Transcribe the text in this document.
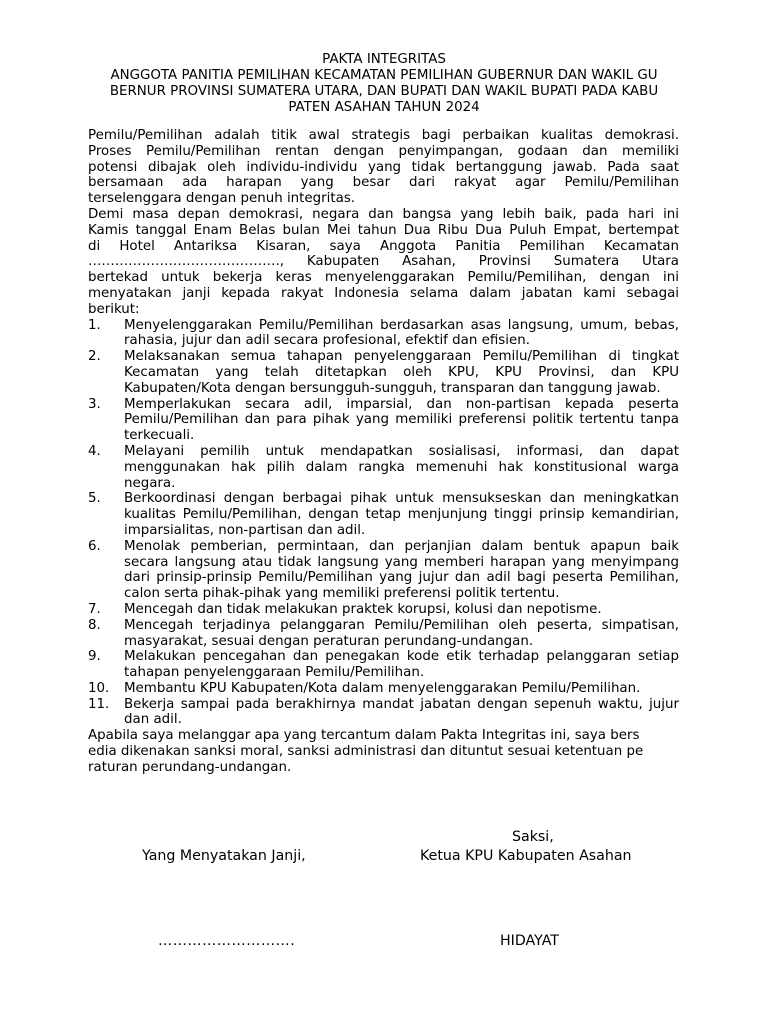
PAKTA INTEGRITAS
ANGGOTA PANITIA PEMILIHAN KECAMATAN PEMILIHAN GUBERNUR DAN WAKIL GU
BERNUR PROVINSI SUMATERA UTARA, DAN BUPATI DAN WAKIL BUPATI PADA KABU
PATEN ASAHAN TAHUN 2024
Pemilu/Pemilihan adalah titik awal strategis bagi perbaikan kualitas demokrasi.
Proses Pemilu/Pemilihan rentan dengan penyimpangan, godaan dan memiliki
potensi dibajak oleh individu-individu yang tidak bertanggung jawab. Pada saat
bersamaan ada harapan yang besar dari rakyat agar Pemilu/Pemilihan
terselenggara dengan penuh integritas.
Demi masa depan demokrasi, negara dan bangsa yang lebih baik, pada hari ini
Kamis tanggal Enam Belas bulan Mei tahun Dua Ribu Dua Puluh Empat, bertempat
di Hotel Antariksa Kisaran, saya Anggota Panitia Pemilihan Kecamatan
……………………………………., Kabupaten Asahan, Provinsi Sumatera Utara
bertekad untuk bekerja keras menyelenggarakan Pemilu/Pemilihan, dengan ini
menyatakan janji kepada rakyat Indonesia selama dalam jabatan kami sebagai
berikut:
1. Menyelenggarakan Pemilu/Pemilihan berdasarkan asas langsung, umum, bebas, rahasia, jujur dan adil secara profesional, efektif dan efisien.
2. Melaksanakan semua tahapan penyelenggaraan Pemilu/Pemilihan di tingkat Kecamatan yang telah ditetapkan oleh KPU, KPU Provinsi, dan KPU Kabupaten/Kota dengan bersungguh-sungguh, transparan dan tanggung jawab.
3. Memperlakukan secara adil, imparsial, dan non-partisan kepada peserta Pemilu/Pemilihan dan para pihak yang memiliki preferensi politik tertentu tanpa terkecuali.
4. Melayani pemilih untuk mendapatkan sosialisasi, informasi, dan dapat menggunakan hak pilih dalam rangka memenuhi hak konstitusional warga negara.
5. Berkoordinasi dengan berbagai pihak untuk mensukseskan dan meningkatkan kualitas Pemilu/Pemilihan, dengan tetap menjunjung tinggi prinsip kemandirian, imparsialitas, non-partisan dan adil.
6. Menolak pemberian, permintaan, dan perjanjian dalam bentuk apapun baik secara langsung atau tidak langsung yang memberi harapan yang menyimpang dari prinsip-prinsip Pemilu/Pemilihan yang jujur dan adil bagi peserta Pemilihan, calon serta pihak-pihak yang memiliki preferensi politik tertentu.
7. Mencegah dan tidak melakukan praktek korupsi, kolusi dan nepotisme.
8. Mencegah terjadinya pelanggaran Pemilu/Pemilihan oleh peserta, simpatisan, masyarakat, sesuai dengan peraturan perundang-undangan.
9. Melakukan pencegahan dan penegakan kode etik terhadap pelanggaran setiap tahapan penyelenggaraan Pemilu/Pemilihan.
10. Membantu KPU Kabupaten/Kota dalam menyelenggarakan Pemilu/Pemilihan.
11. Bekerja sampai pada berakhirnya mandat jabatan dengan sepenuh waktu, jujur dan adil.
Apabila saya melanggar apa yang tercantum dalam Pakta Integritas ini, saya bers
edia dikenakan sanksi moral, sanksi administrasi dan dituntut sesuai ketentuan pe
raturan perundang-undangan.
Saksi,
Yang Menyatakan Janji,	Ketua KPU Kabupaten Asahan
……………………….	HIDAYAT
